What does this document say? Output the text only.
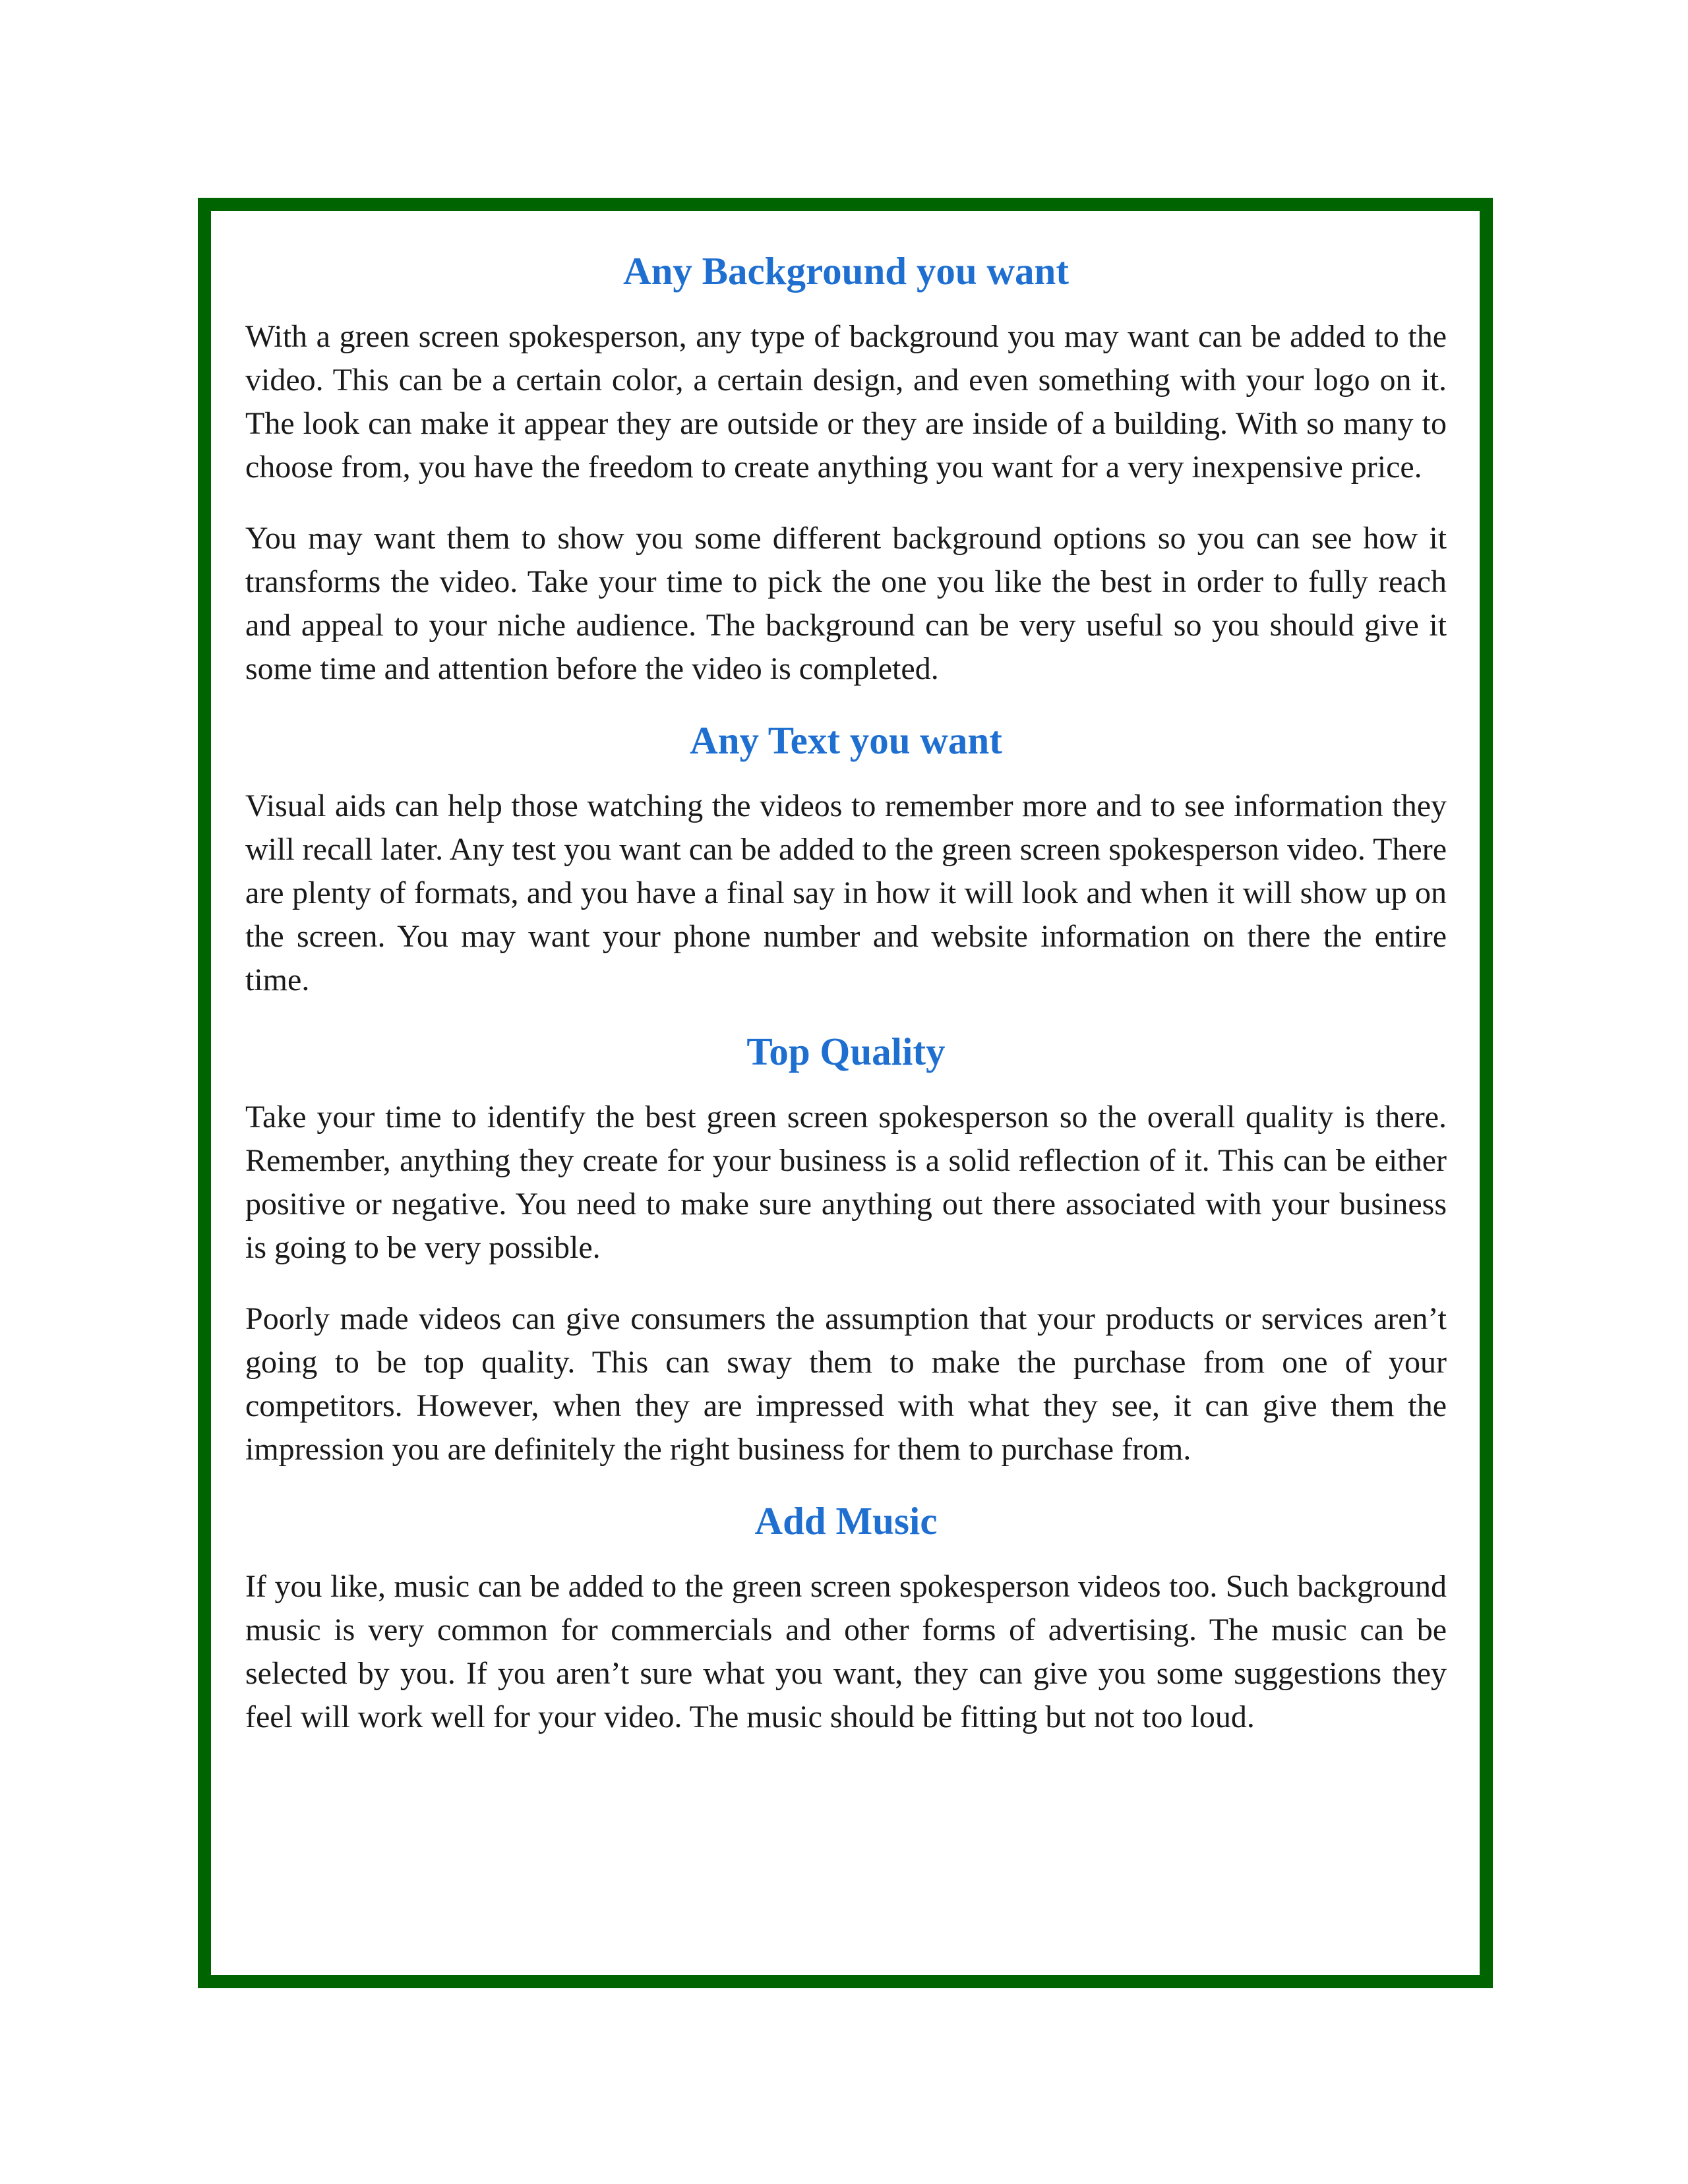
Any Background you want

With a green screen spokesperson, any type of background you may want can be added to the video. This can be a certain color, a certain design, and even something with your logo on it. The look can make it appear they are outside or they are inside of a building. With so many to choose from, you have the freedom to create anything you want for a very inexpensive price.

You may want them to show you some different background options so you can see how it transforms the video. Take your time to pick the one you like the best in order to fully reach and appeal to your niche audience. The background can be very useful so you should give it some time and attention before the video is completed.

Any Text you want

Visual aids can help those watching the videos to remember more and to see information they will recall later. Any test you want can be added to the green screen spokesperson video. There are plenty of formats, and you have a final say in how it will look and when it will show up on the screen. You may want your phone number and website information on there the entire time.

Top Quality

Take your time to identify the best green screen spokesperson so the overall quality is there. Remember, anything they create for your business is a solid reflection of it. This can be either positive or negative. You need to make sure anything out there associated with your business is going to be very possible.

Poorly made videos can give consumers the assumption that your products or services aren’t going to be top quality. This can sway them to make the purchase from one of your competitors. However, when they are impressed with what they see, it can give them the impression you are definitely the right business for them to purchase from.

Add Music

If you like, music can be added to the green screen spokesperson videos too. Such background music is very common for commercials and other forms of advertising. The music can be selected by you. If you aren’t sure what you want, they can give you some suggestions they feel will work well for your video. The music should be fitting but not too loud.
